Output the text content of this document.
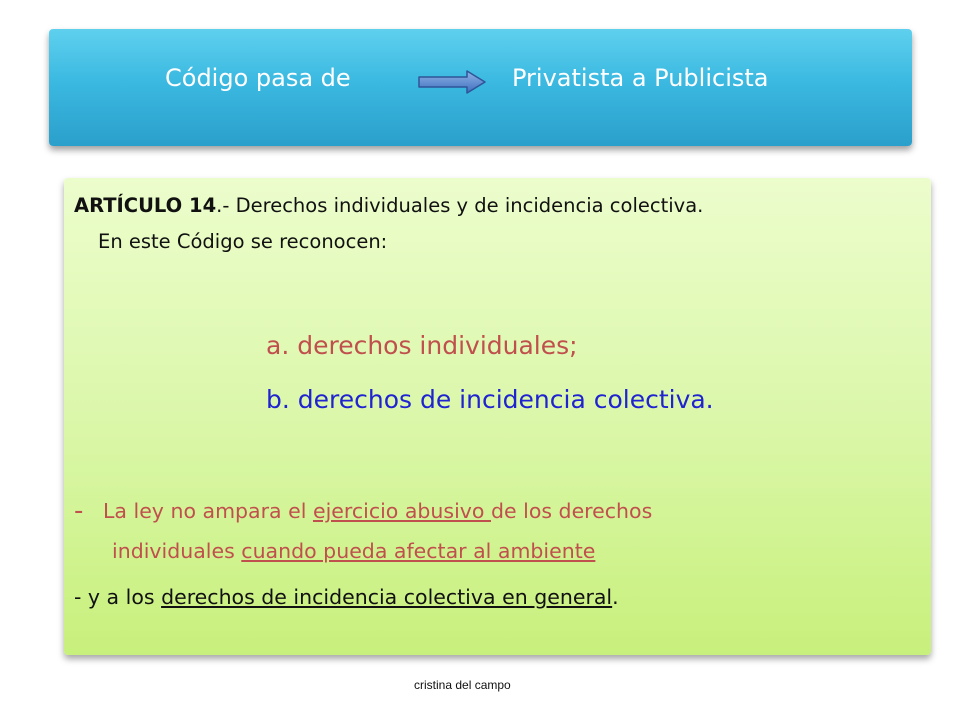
Código pasa de	Privatista a Publicista
ARTÍCULO 14.- Derechos individuales y de incidencia colectiva.
En este Código se reconocen:
a. derechos individuales;
b. derechos de incidencia colectiva.
- La ley no ampara el ejercicio abusivo de los derechos
individuales cuando pueda afectar al ambiente
- y a los derechos de incidencia colectiva en general.
cristina del campo
